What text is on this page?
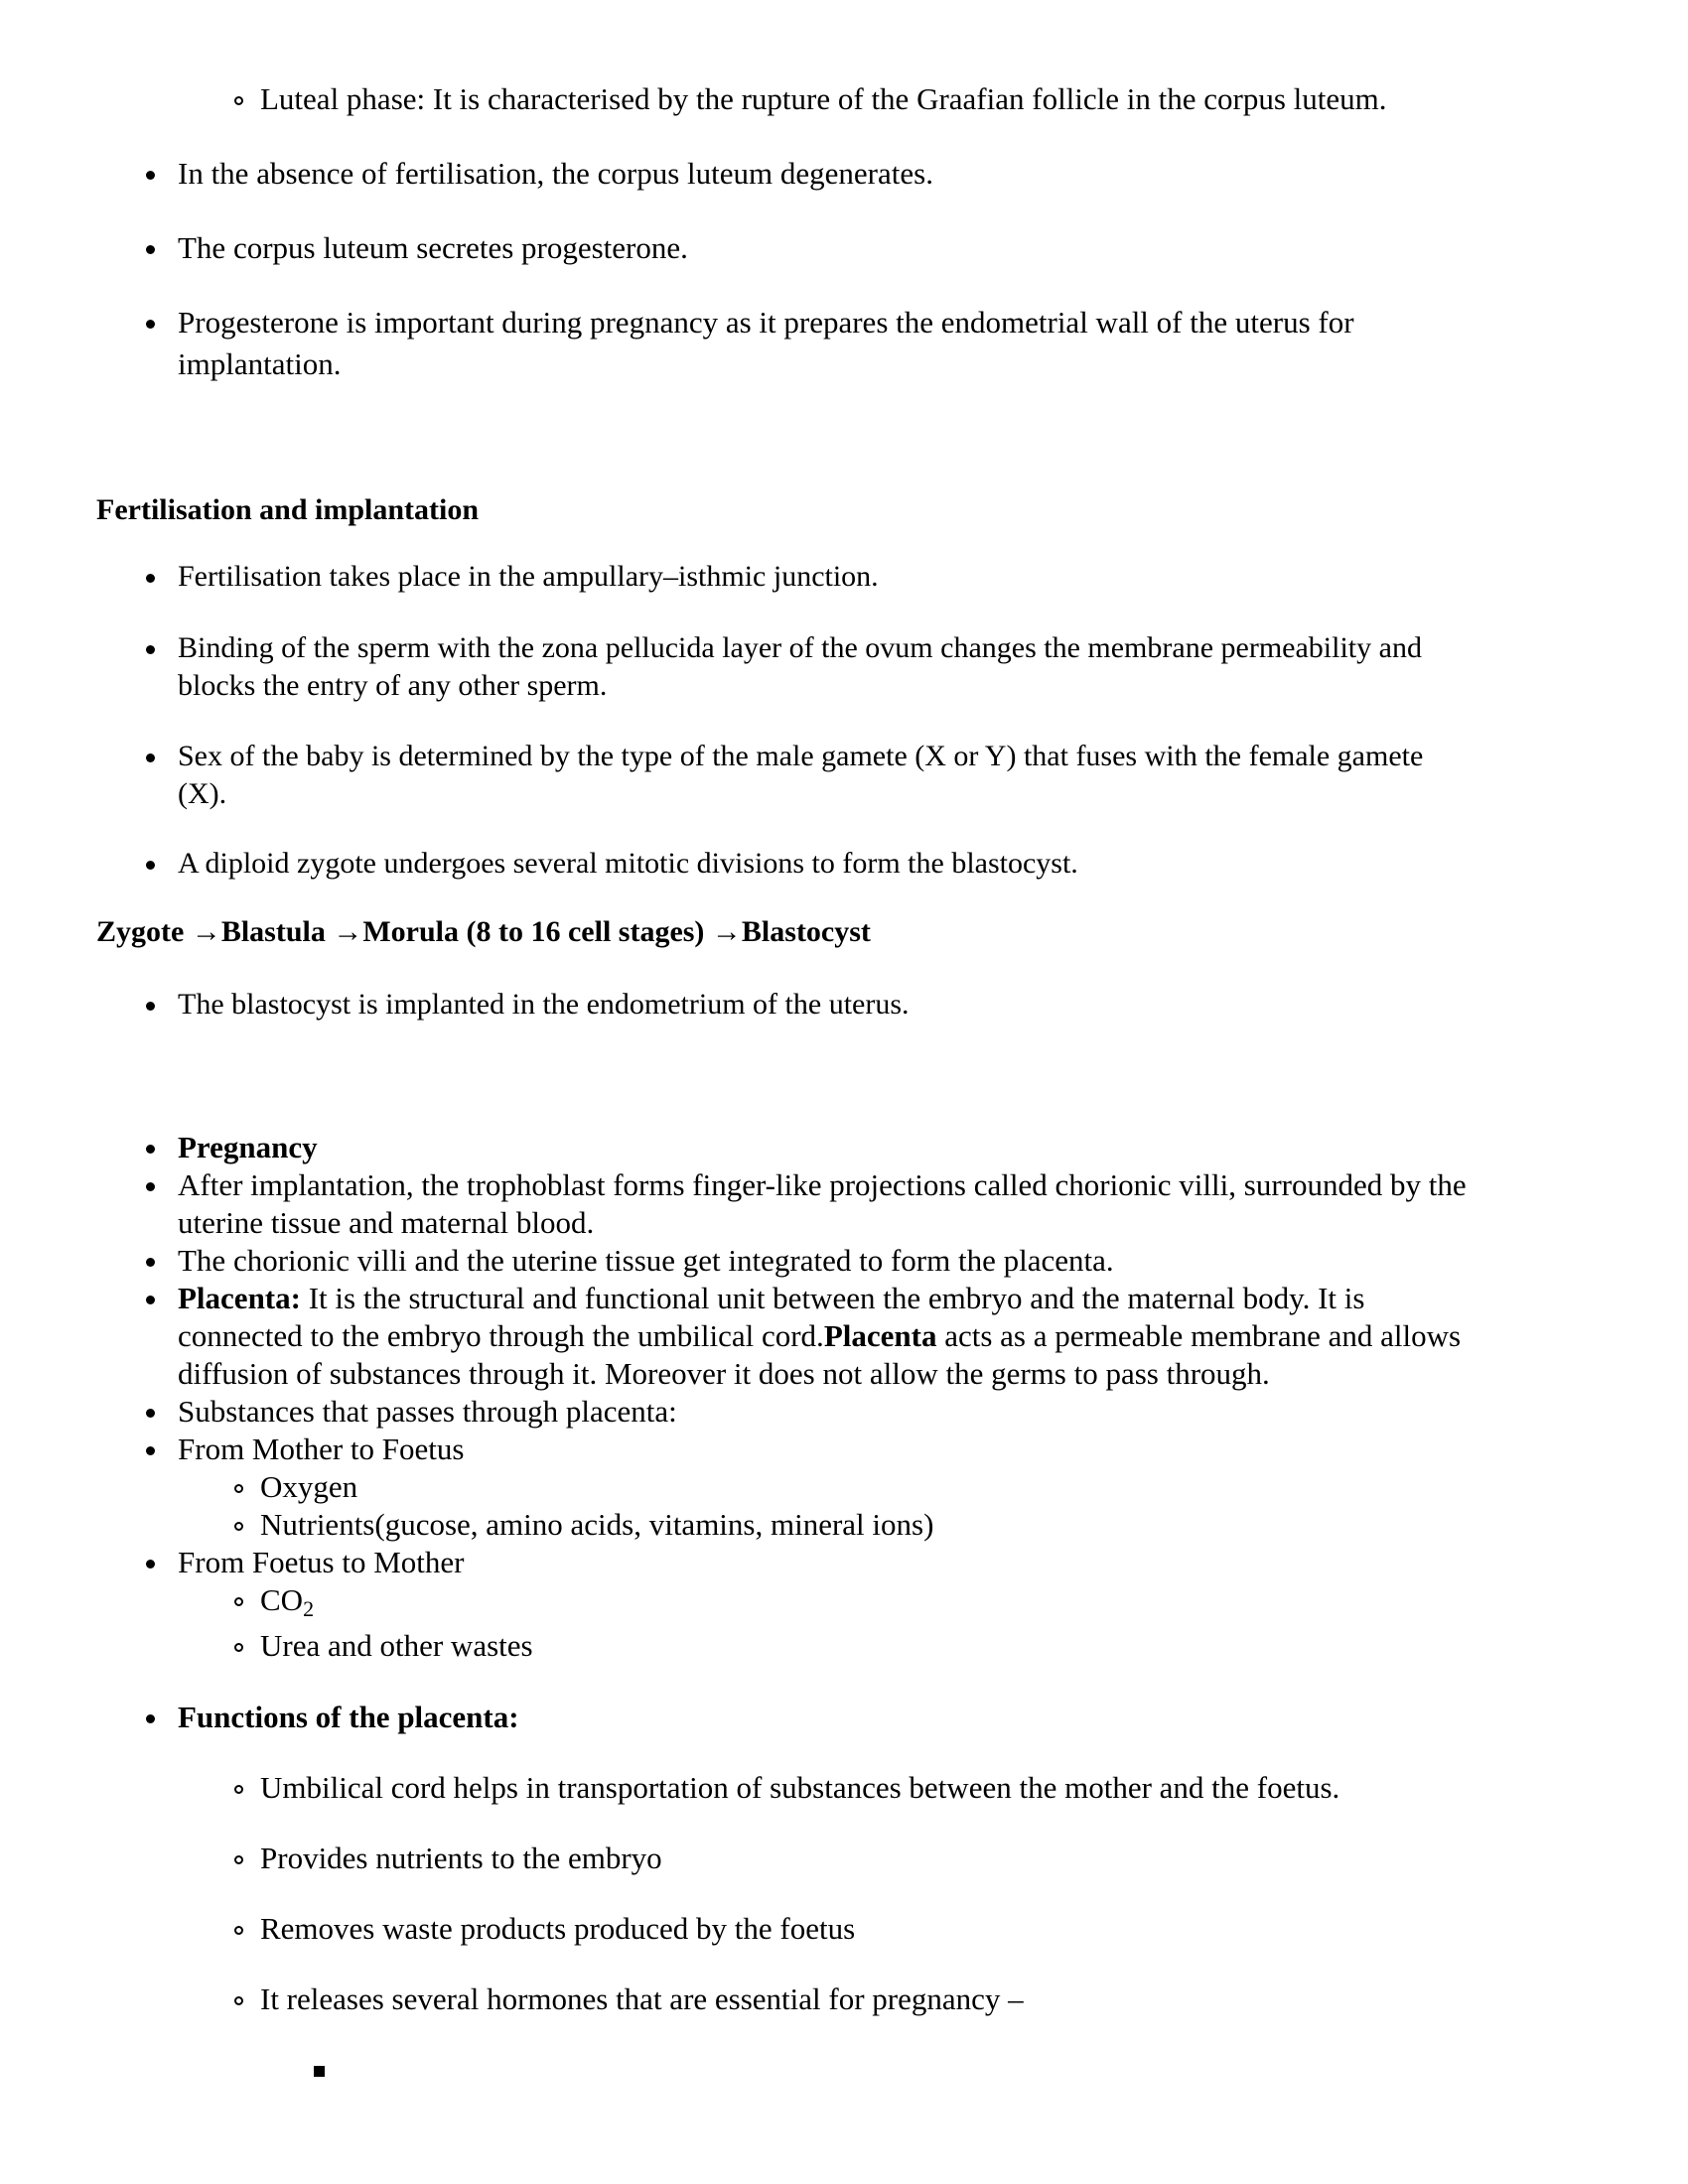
Luteal phase: It is characterised by the rupture of the Graafian follicle in the corpus luteum.
In the absence of fertilisation, the corpus luteum degenerates.
The corpus luteum secretes progesterone.
Progesterone is important during pregnancy as it prepares the endometrial wall of the uterus for
implantation.
Fertilisation and implantation
Fertilisation takes place in the ampullary–isthmic junction.
Binding of the sperm with the zona pellucida layer of the ovum changes the membrane permeability and
blocks the entry of any other sperm.
Sex of the baby is determined by the type of the male gamete (X or Y) that fuses with the female gamete
(X).
A diploid zygote undergoes several mitotic divisions to form the blastocyst.
Zygote →Blastula →Morula (8 to 16 cell stages) →Blastocyst
The blastocyst is implanted in the endometrium of the uterus.
Pregnancy
After implantation, the trophoblast forms finger-like projections called chorionic villi, surrounded by the
uterine tissue and maternal blood.
The chorionic villi and the uterine tissue get integrated to form the placenta.
Placenta: It is the structural and functional unit between the embryo and the maternal body. It is
connected to the embryo through the umbilical cord.Placenta acts as a permeable membrane and allows
diffusion of substances through it. Moreover it does not allow the germs to pass through.
Substances that passes through placenta:
From Mother to Foetus
Oxygen
Nutrients(gucose, amino acids, vitamins, mineral ions)
From Foetus to Mother
$CO_2$
Urea and other wastes
Functions of the placenta:
Umbilical cord helps in transportation of substances between the mother and the foetus.
Provides nutrients to the embryo
Removes waste products produced by the foetus
It releases several hormones that are essential for pregnancy –
